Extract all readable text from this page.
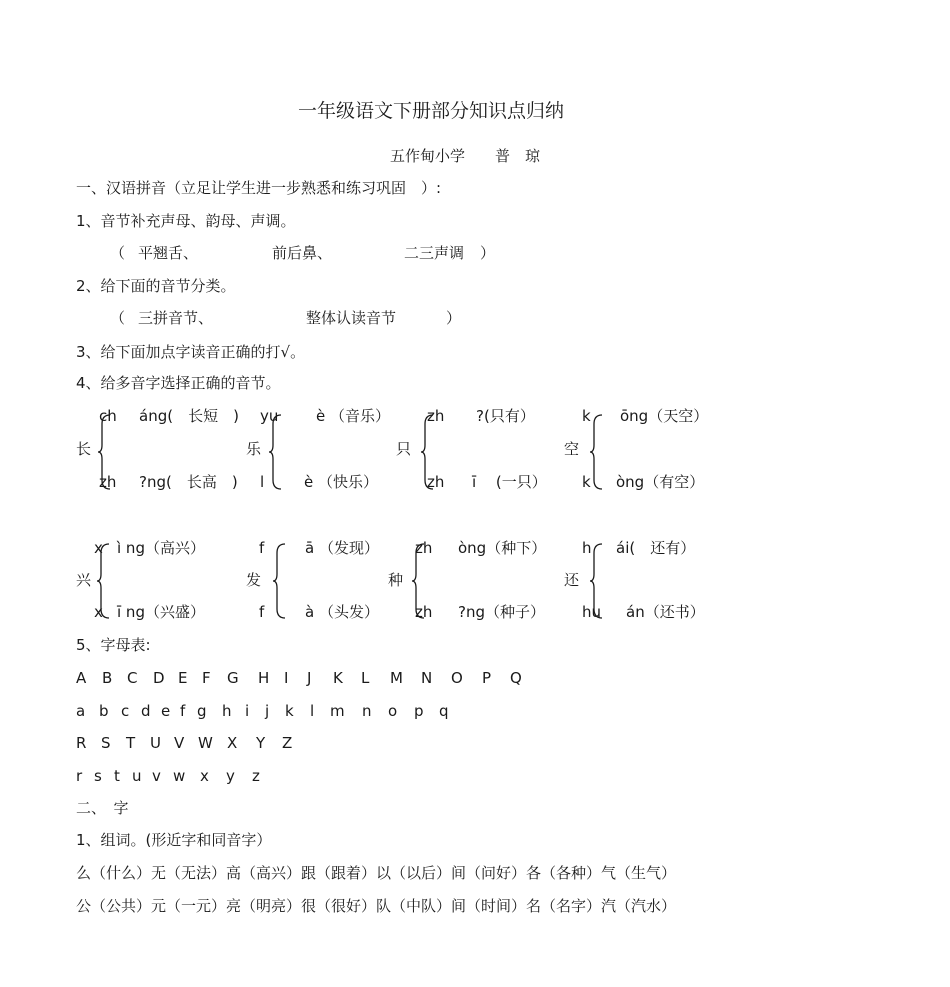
一年级语文下册部分知识点归纳
五作甸小学　　普　琼
一、汉语拼音（立足让学生进一步熟悉和练习巩固　）:
1、音节补充声母、韵母、声调。
（ 平翘舌、	前后鼻、	二三声调 ）
2、给下面的音节分类。
（ 三拼音节、	整体认读音节	）
3、给下面加点字读音正确的打√。
4、给多音字选择正确的音节。
长
ch áng(　长短　)
zh ?ng(　长高　)
乐
yu	è （音乐）
l	è （快乐）
只
zh ?(只有）
zh ī 　(一只）
空
k ōng（天空）
k òng（有空）
兴
x ì ng（高兴）
x ī ng（兴盛）
发
f	ā （发现）
f	à （头发）
种
zh òng（种下）
zh ?ng（种子）
还
h ái(　还有）
hu án（还书）
5、字母表:
A B C D E F G H I J K L M N O P Q
a b c d e f g h i j k l m n o p q
R S T U V W X Y Z
r s t u v w x y z
二、　字
1、组词。(形近字和同音字）
么（什么）无（无法）高（高兴）跟（跟着）以（以后）间（问好）各（各种）气（生气）
公（公共）元（一元）亮（明亮）很（很好）队（中队）间（时间）名（名字）汽（汽水）
